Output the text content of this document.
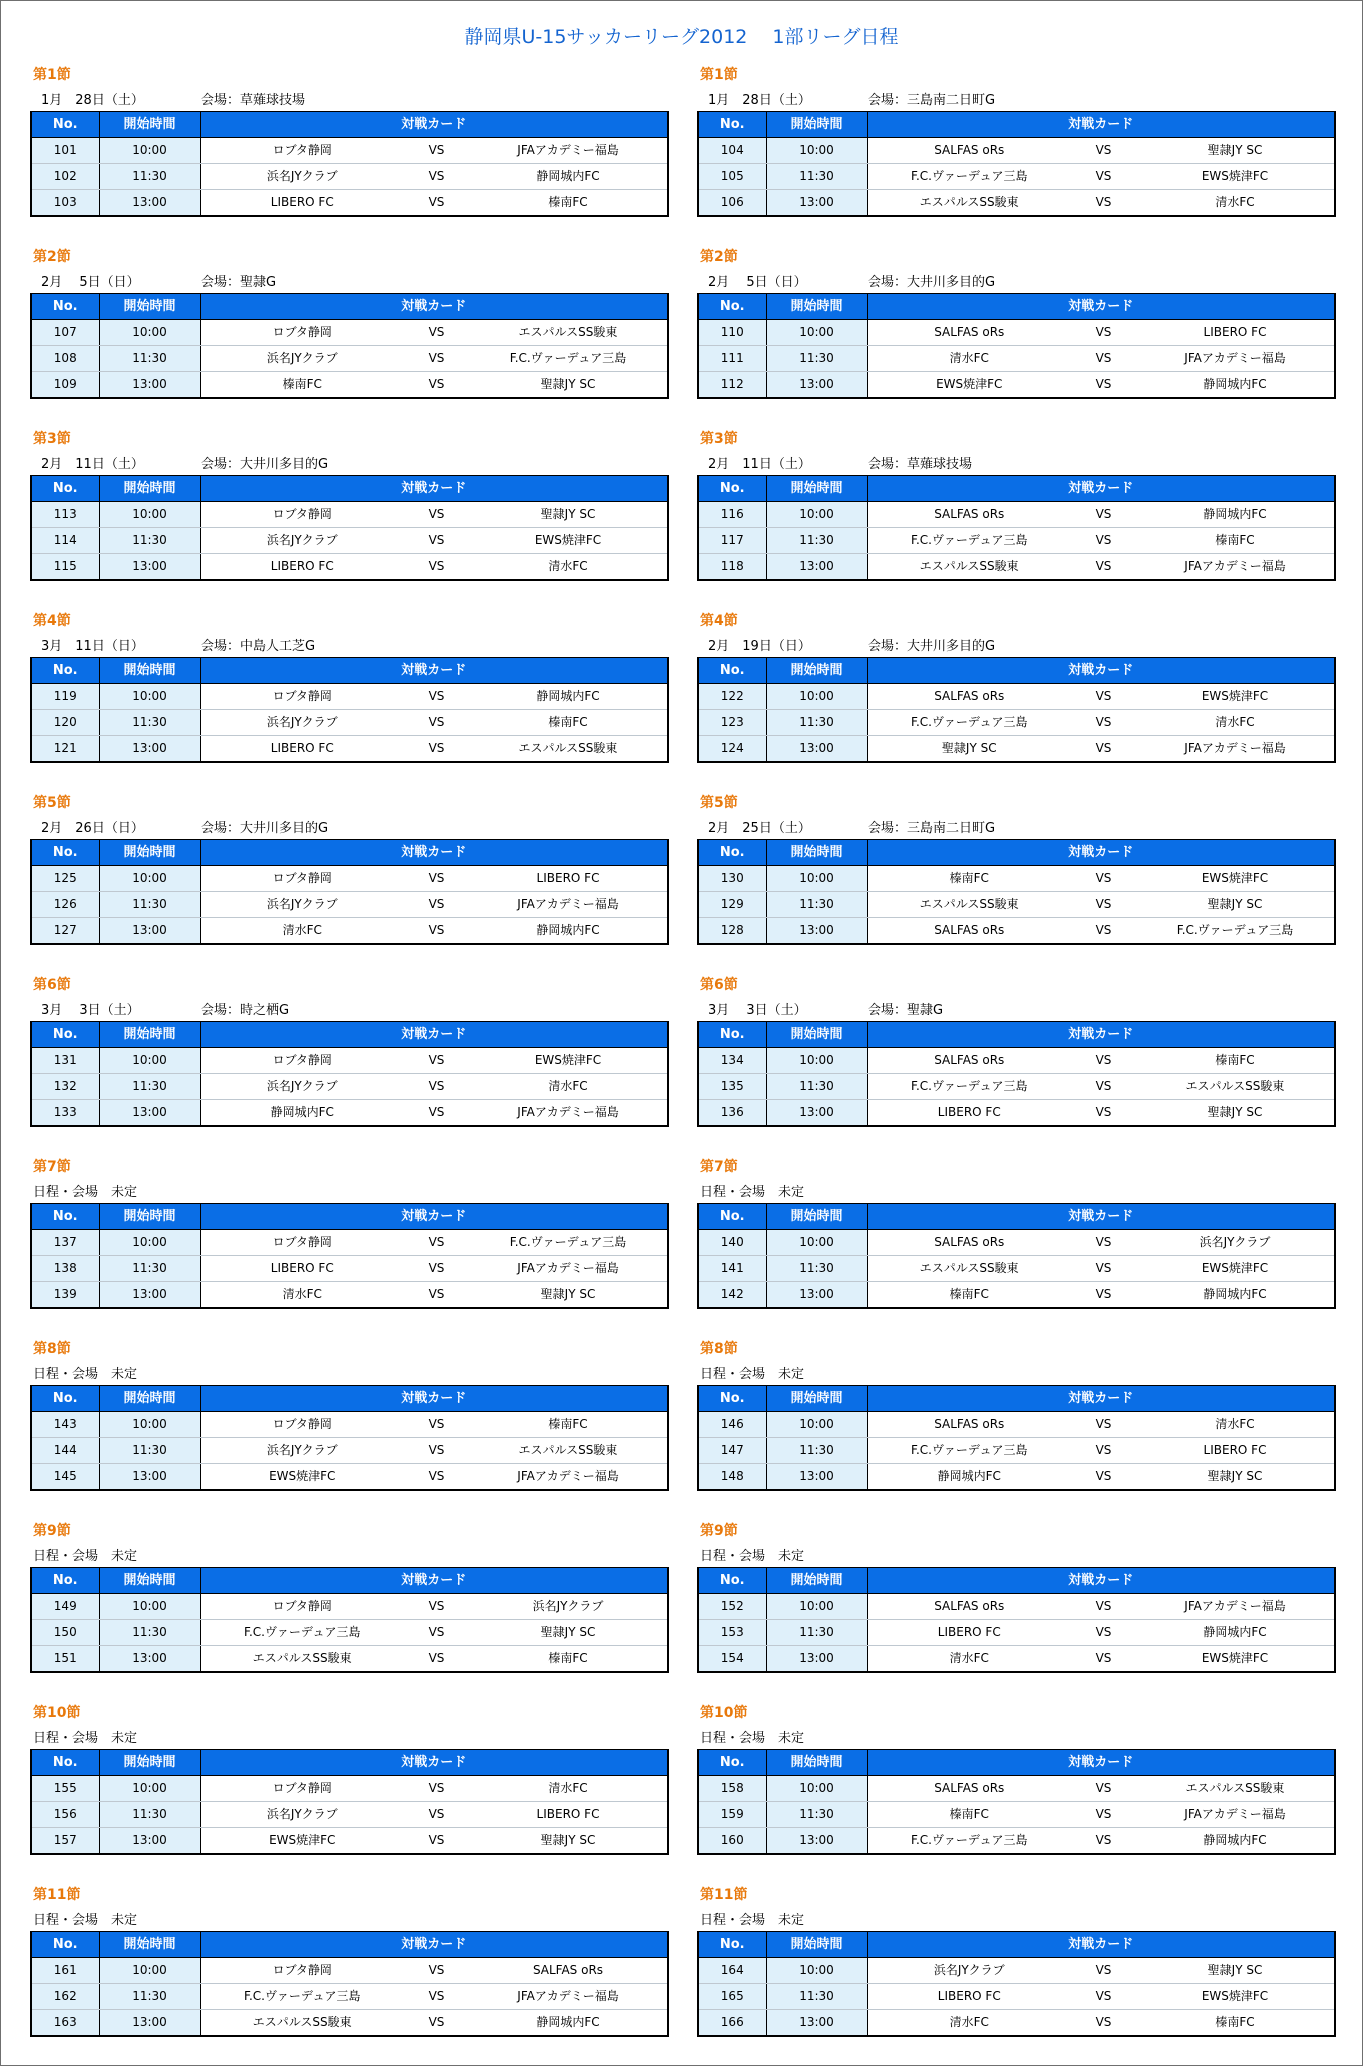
静岡県U-15サッカーリーグ2012　 1部リーグ日程
第1節
1月　28日（土）	会場：草薙球技場
No.	開始時間	対戦カード		
101	10:00	ロブタ静岡	VS	JFAアカデミー福島
102	11:30	浜名JYクラブ	VS	静岡城内FC
103	13:00	LIBERO FC	VS	榛南FC
第1節
1月　28日（土）	会場：三島南二日町G
No.	開始時間	対戦カード		
104	10:00	SALFAS oRs	VS	聖隷JY SC
105	11:30	F.C.ヴァーデュア三島	VS	EWS焼津FC
106	13:00	エスパルスSS駿東	VS	清水FC
第2節
2月　 5日（日）	会場：聖隷G
No.	開始時間	対戦カード		
107	10:00	ロブタ静岡	VS	エスパルスSS駿東
108	11:30	浜名JYクラブ	VS	F.C.ヴァーデュア三島
109	13:00	榛南FC	VS	聖隷JY SC
第2節
2月　 5日（日）	会場：大井川多目的G
No.	開始時間	対戦カード		
110	10:00	SALFAS oRs	VS	LIBERO FC
111	11:30	清水FC	VS	JFAアカデミー福島
112	13:00	EWS焼津FC	VS	静岡城内FC
第3節
2月　11日（土）	会場：大井川多目的G
No.	開始時間	対戦カード		
113	10:00	ロブタ静岡	VS	聖隷JY SC
114	11:30	浜名JYクラブ	VS	EWS焼津FC
115	13:00	LIBERO FC	VS	清水FC
第3節
2月　11日（土）	会場：草薙球技場
No.	開始時間	対戦カード		
116	10:00	SALFAS oRs	VS	静岡城内FC
117	11:30	F.C.ヴァーデュア三島	VS	榛南FC
118	13:00	エスパルスSS駿東	VS	JFAアカデミー福島
第4節
3月　11日（日）	会場：中島人工芝G
No.	開始時間	対戦カード		
119	10:00	ロブタ静岡	VS	静岡城内FC
120	11:30	浜名JYクラブ	VS	榛南FC
121	13:00	LIBERO FC	VS	エスパルスSS駿東
第4節
2月　19日（日）	会場：大井川多目的G
No.	開始時間	対戦カード		
122	10:00	SALFAS oRs	VS	EWS焼津FC
123	11:30	F.C.ヴァーデュア三島	VS	清水FC
124	13:00	聖隷JY SC	VS	JFAアカデミー福島
第5節
2月　26日（日）	会場：大井川多目的G
No.	開始時間	対戦カード		
125	10:00	ロブタ静岡	VS	LIBERO FC
126	11:30	浜名JYクラブ	VS	JFAアカデミー福島
127	13:00	清水FC	VS	静岡城内FC
第5節
2月　25日（土）	会場：三島南二日町G
No.	開始時間	対戦カード		
130	10:00	榛南FC	VS	EWS焼津FC
129	11:30	エスパルスSS駿東	VS	聖隷JY SC
128	13:00	SALFAS oRs	VS	F.C.ヴァーデュア三島
第6節
3月　 3日（土）	会場：時之栖G
No.	開始時間	対戦カード		
131	10:00	ロブタ静岡	VS	EWS焼津FC
132	11:30	浜名JYクラブ	VS	清水FC
133	13:00	静岡城内FC	VS	JFAアカデミー福島
第6節
3月　 3日（土）	会場：聖隷G
No.	開始時間	対戦カード		
134	10:00	SALFAS oRs	VS	榛南FC
135	11:30	F.C.ヴァーデュア三島	VS	エスパルスSS駿東
136	13:00	LIBERO FC	VS	聖隷JY SC
第7節
日程・会場　未定
No.	開始時間	対戦カード		
137	10:00	ロブタ静岡	VS	F.C.ヴァーデュア三島
138	11:30	LIBERO FC	VS	JFAアカデミー福島
139	13:00	清水FC	VS	聖隷JY SC
第7節
日程・会場　未定
No.	開始時間	対戦カード		
140	10:00	SALFAS oRs	VS	浜名JYクラブ
141	11:30	エスパルスSS駿東	VS	EWS焼津FC
142	13:00	榛南FC	VS	静岡城内FC
第8節
日程・会場　未定
No.	開始時間	対戦カード		
143	10:00	ロブタ静岡	VS	榛南FC
144	11:30	浜名JYクラブ	VS	エスパルスSS駿東
145	13:00	EWS焼津FC	VS	JFAアカデミー福島
第8節
日程・会場　未定
No.	開始時間	対戦カード		
146	10:00	SALFAS oRs	VS	清水FC
147	11:30	F.C.ヴァーデュア三島	VS	LIBERO FC
148	13:00	静岡城内FC	VS	聖隷JY SC
第9節
日程・会場　未定
No.	開始時間	対戦カード		
149	10:00	ロブタ静岡	VS	浜名JYクラブ
150	11:30	F.C.ヴァーデュア三島	VS	聖隷JY SC
151	13:00	エスパルスSS駿東	VS	榛南FC
第9節
日程・会場　未定
No.	開始時間	対戦カード		
152	10:00	SALFAS oRs	VS	JFAアカデミー福島
153	11:30	LIBERO FC	VS	静岡城内FC
154	13:00	清水FC	VS	EWS焼津FC
第10節
日程・会場　未定
No.	開始時間	対戦カード		
155	10:00	ロブタ静岡	VS	清水FC
156	11:30	浜名JYクラブ	VS	LIBERO FC
157	13:00	EWS焼津FC	VS	聖隷JY SC
第10節
日程・会場　未定
No.	開始時間	対戦カード		
158	10:00	SALFAS oRs	VS	エスパルスSS駿東
159	11:30	榛南FC	VS	JFAアカデミー福島
160	13:00	F.C.ヴァーデュア三島	VS	静岡城内FC
第11節
日程・会場　未定
No.	開始時間	対戦カード		
161	10:00	ロブタ静岡	VS	SALFAS oRs
162	11:30	F.C.ヴァーデュア三島	VS	JFAアカデミー福島
163	13:00	エスパルスSS駿東	VS	静岡城内FC
第11節
日程・会場　未定
No.	開始時間	対戦カード		
164	10:00	浜名JYクラブ	VS	聖隷JY SC
165	11:30	LIBERO FC	VS	EWS焼津FC
166	13:00	清水FC	VS	榛南FC
